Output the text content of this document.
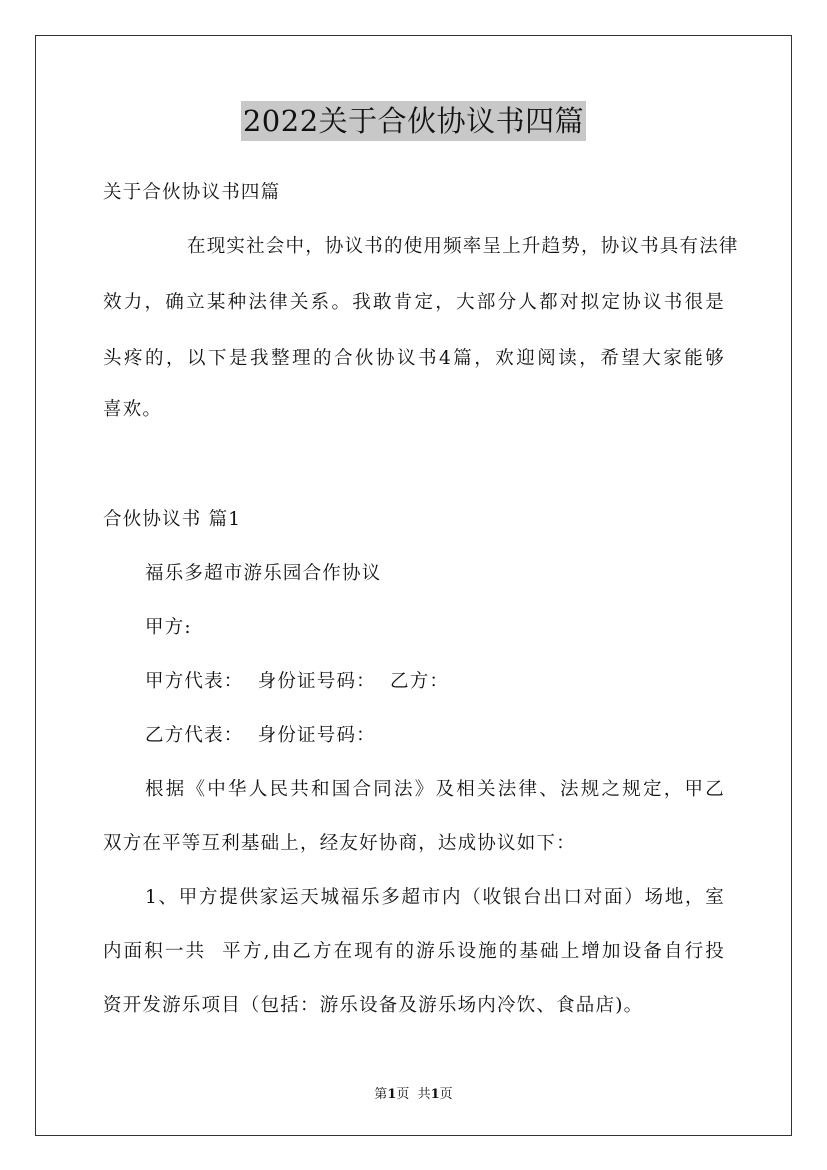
2022关于合伙协议书四篇
关于合伙协议书四篇
在现实社会中，协议书的使用频率呈上升趋势，协议书具有法律
效力，确立某种法律关系。我敢肯定，大部分人都对拟定协议书很是
头疼的，以下是我整理的合伙协议书4篇，欢迎阅读，希望大家能够
喜欢。
合伙协议书 篇1
福乐多超市游乐园合作协议
甲方:
甲方代表：  身份证号码：  乙方：
乙方代表：  身份证号码：
根据《中华人民共和国合同法》及相关法律、法规之规定，甲乙
双方在平等互利基础上，经友好协商，达成协议如下：
1、甲方提供家运天城福乐多超市内（收银台出口对面）场地，室
内面积一共  平方,由乙方在现有的游乐设施的基础上增加设备自行投
资开发游乐项目（包括：游乐设备及游乐场内冷饮、食品店)。
第1页  共1页
